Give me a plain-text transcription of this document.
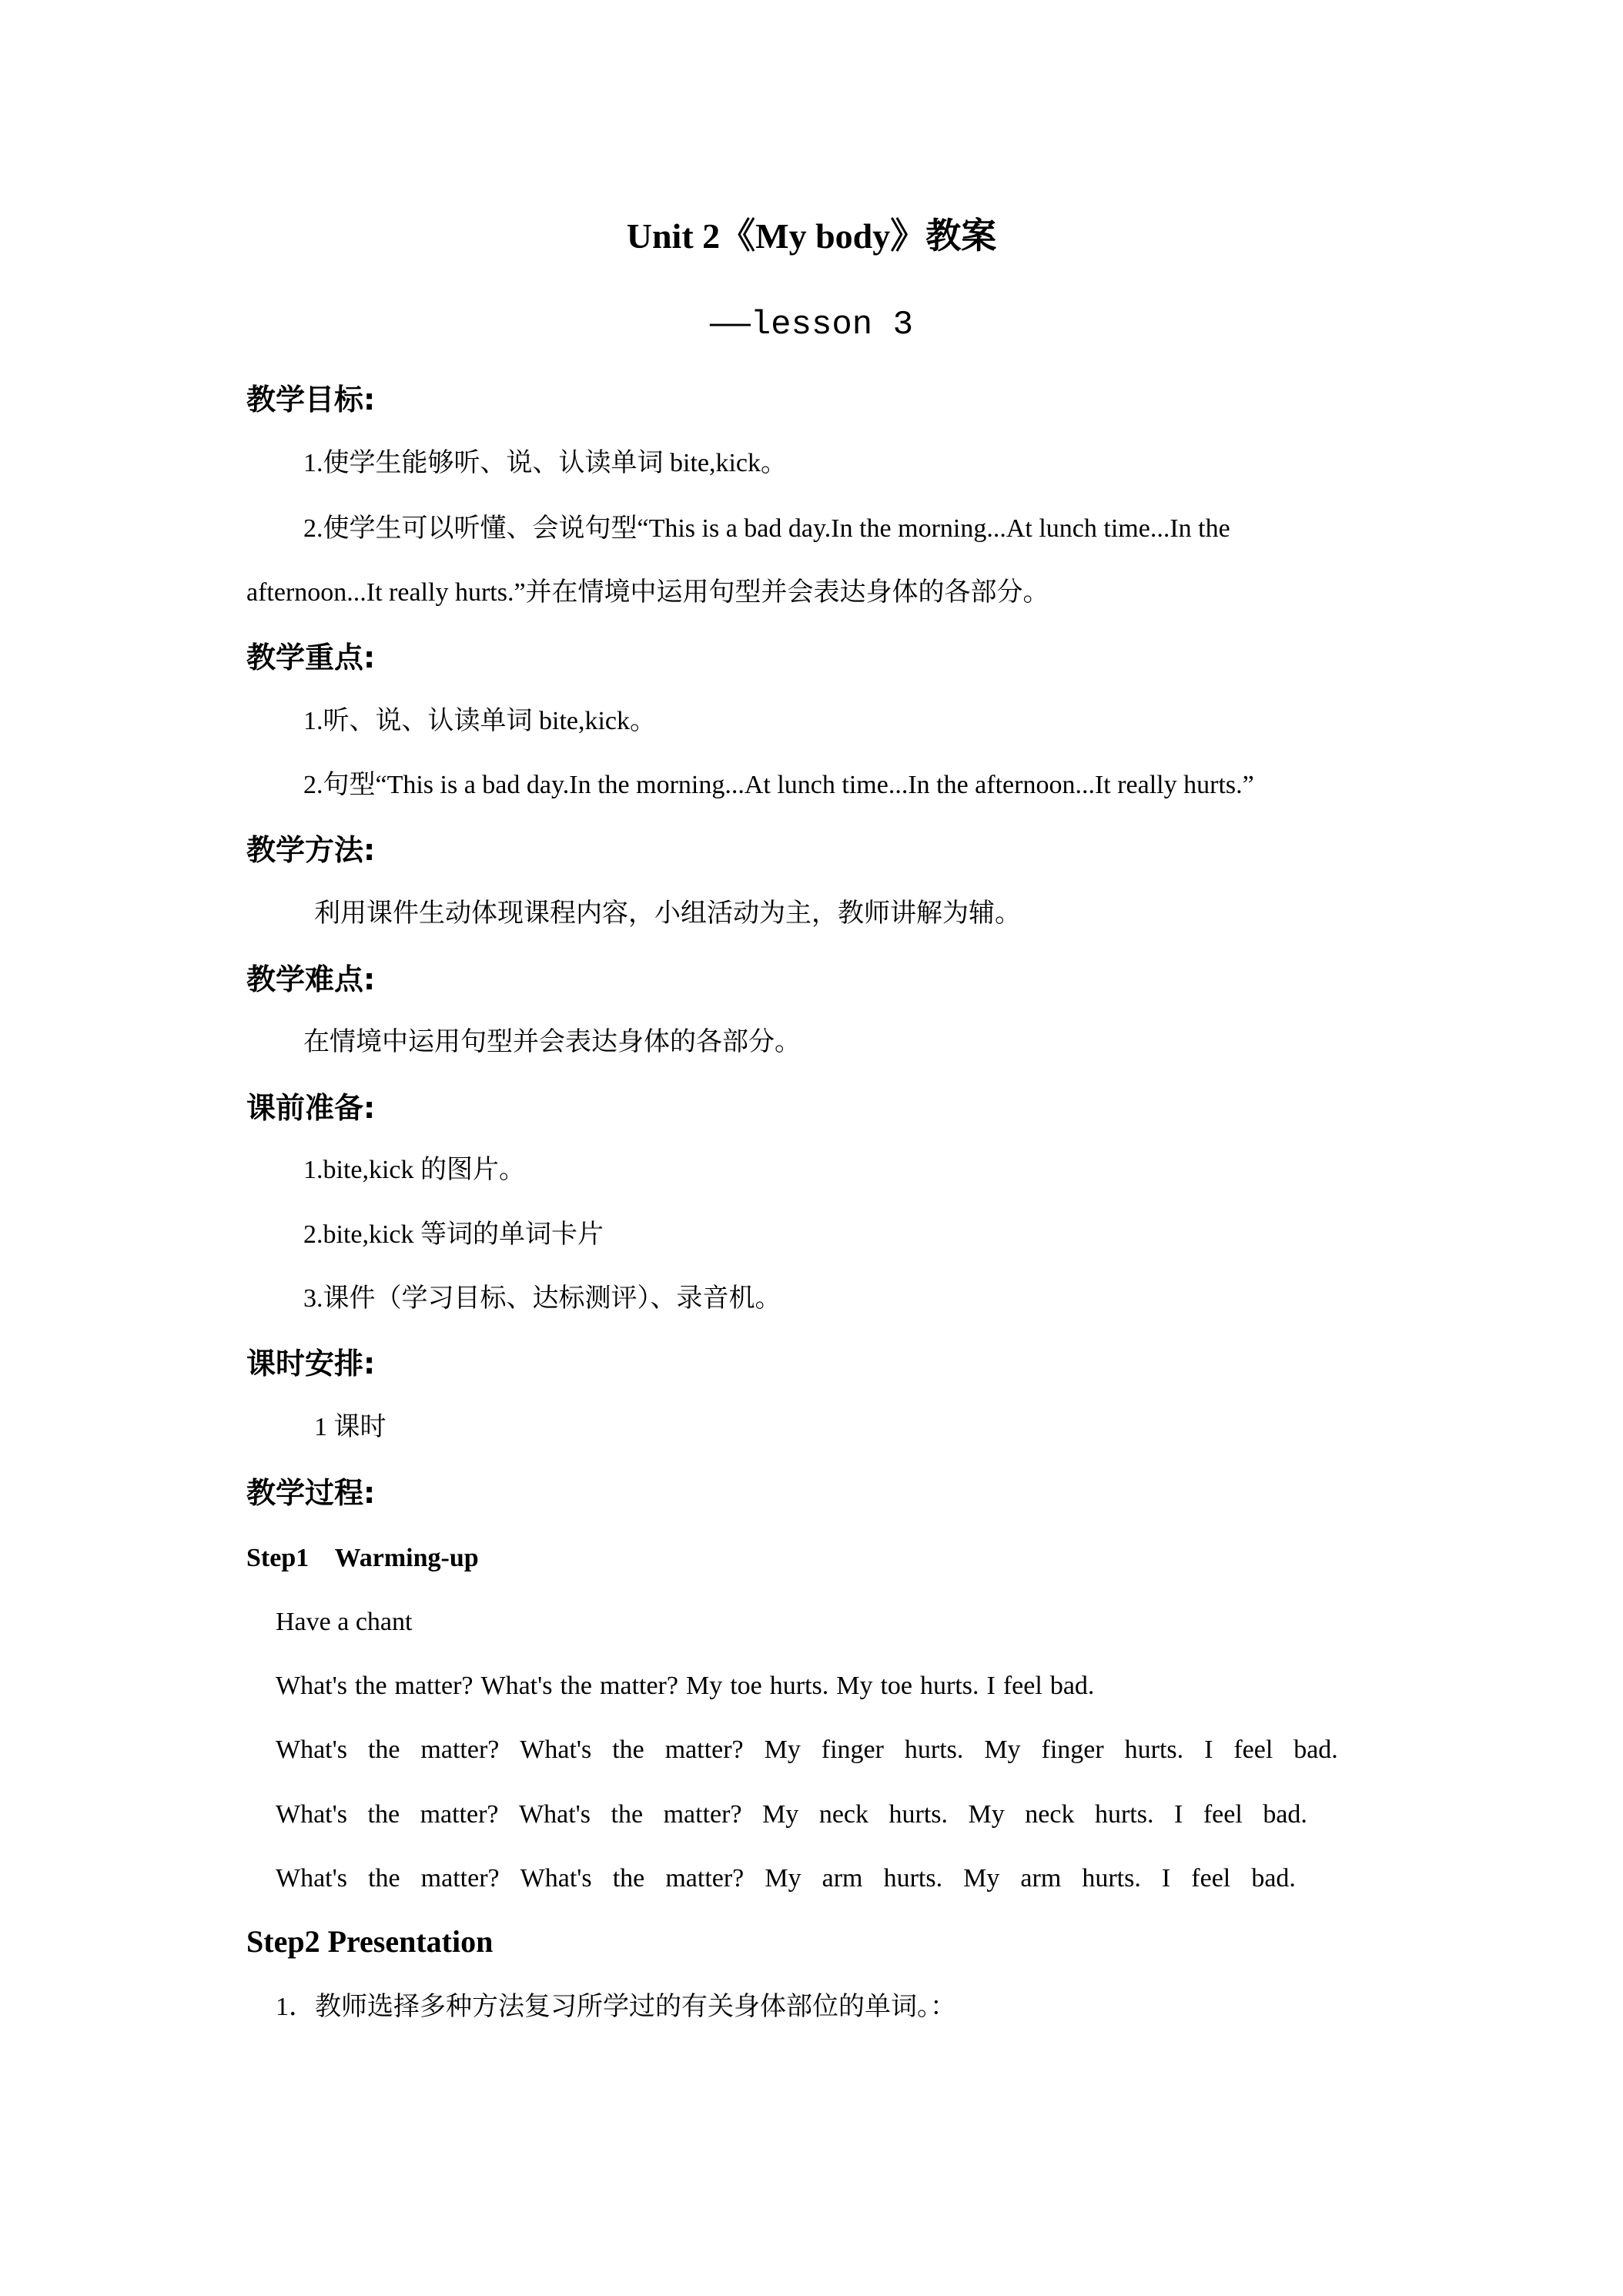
Unit 2《My body》教案
——lesson 3
教学目标:
1.使学生能够听、说、认读单词 bite,kick。
2.使学生可以听懂、会说句型“This is a bad day.In the morning...At lunch time...In the
afternoon...It really hurts.”并在情境中运用句型并会表达身体的各部分。
教学重点:
1.听、说、认读单词 bite,kick。
2.句型“This is a bad day.In the morning...At lunch time...In the afternoon...It really hurts.”
教学方法:
利用课件生动体现课程内容，小组活动为主，教师讲解为辅。
教学难点:
在情境中运用句型并会表达身体的各部分。
课前准备:
1.bite,kick 的图片。
2.bite,kick 等词的单词卡片
3.课件（学习目标、达标测评）、录音机。
课时安排:
1 课时
教学过程:
Step1    Warming-up
Have a chant
What's the matter? What's the matter? My toe hurts. My toe hurts. I feel bad.
What's the matter? What's the matter? My finger hurts. My finger hurts. I feel bad.
What's the matter? What's the matter? My neck hurts. My neck hurts. I feel bad.
What's the matter? What's the matter? My arm hurts. My arm hurts. I feel bad.
Step2 Presentation
1．教师选择多种方法复习所学过的有关身体部位的单词。：
